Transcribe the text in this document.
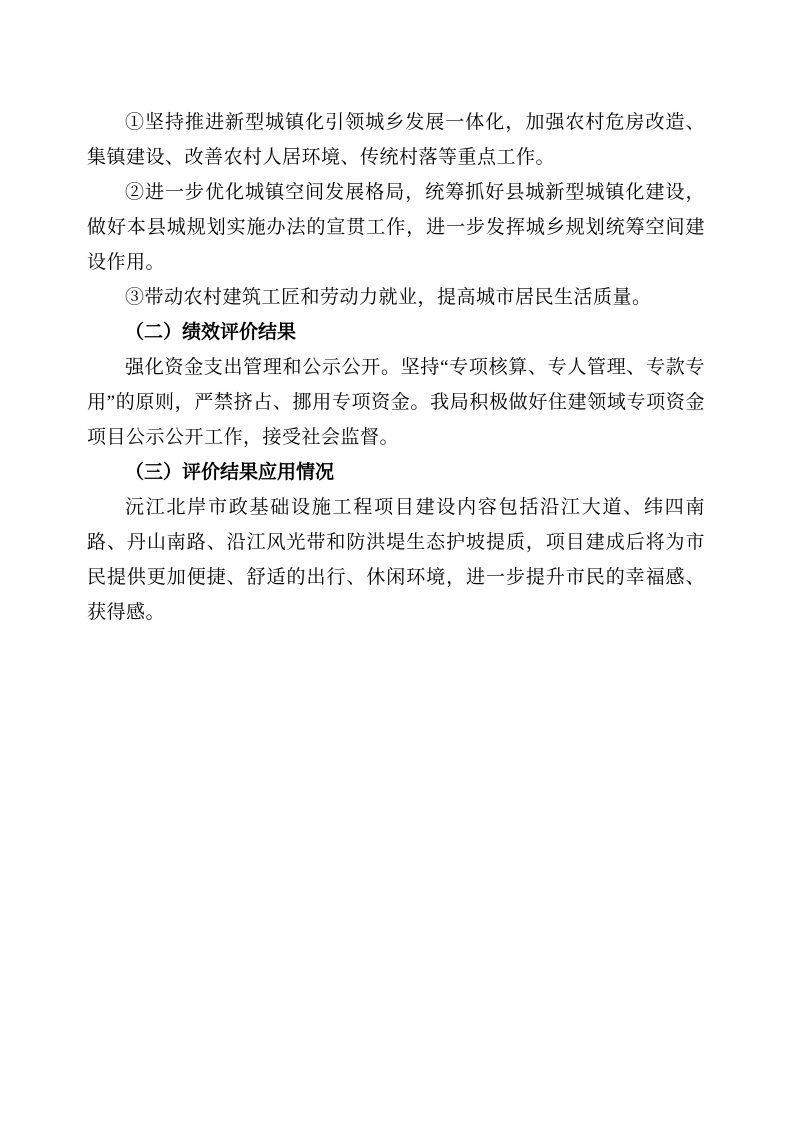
①坚持推进新型城镇化引领城乡发展一体化，加强农村危房改造、集镇建设、改善农村人居环境、传统村落等重点工作。

②进一步优化城镇空间发展格局，统筹抓好县城新型城镇化建设，做好本县城规划实施办法的宣贯工作，进一步发挥城乡规划统筹空间建设作用。

③带动农村建筑工匠和劳动力就业，提高城市居民生活质量。

（二）绩效评价结果

强化资金支出管理和公示公开。坚持“专项核算、专人管理、专款专用”的原则，严禁挤占、挪用专项资金。我局积极做好住建领域专项资金项目公示公开工作，接受社会监督。

（三）评价结果应用情况

沅江北岸市政基础设施工程项目建设内容包括沿江大道、纬四南路、丹山南路、沿江风光带和防洪堤生态护坡提质，项目建成后将为市民提供更加便捷、舒适的出行、休闲环境，进一步提升市民的幸福感、获得感。
